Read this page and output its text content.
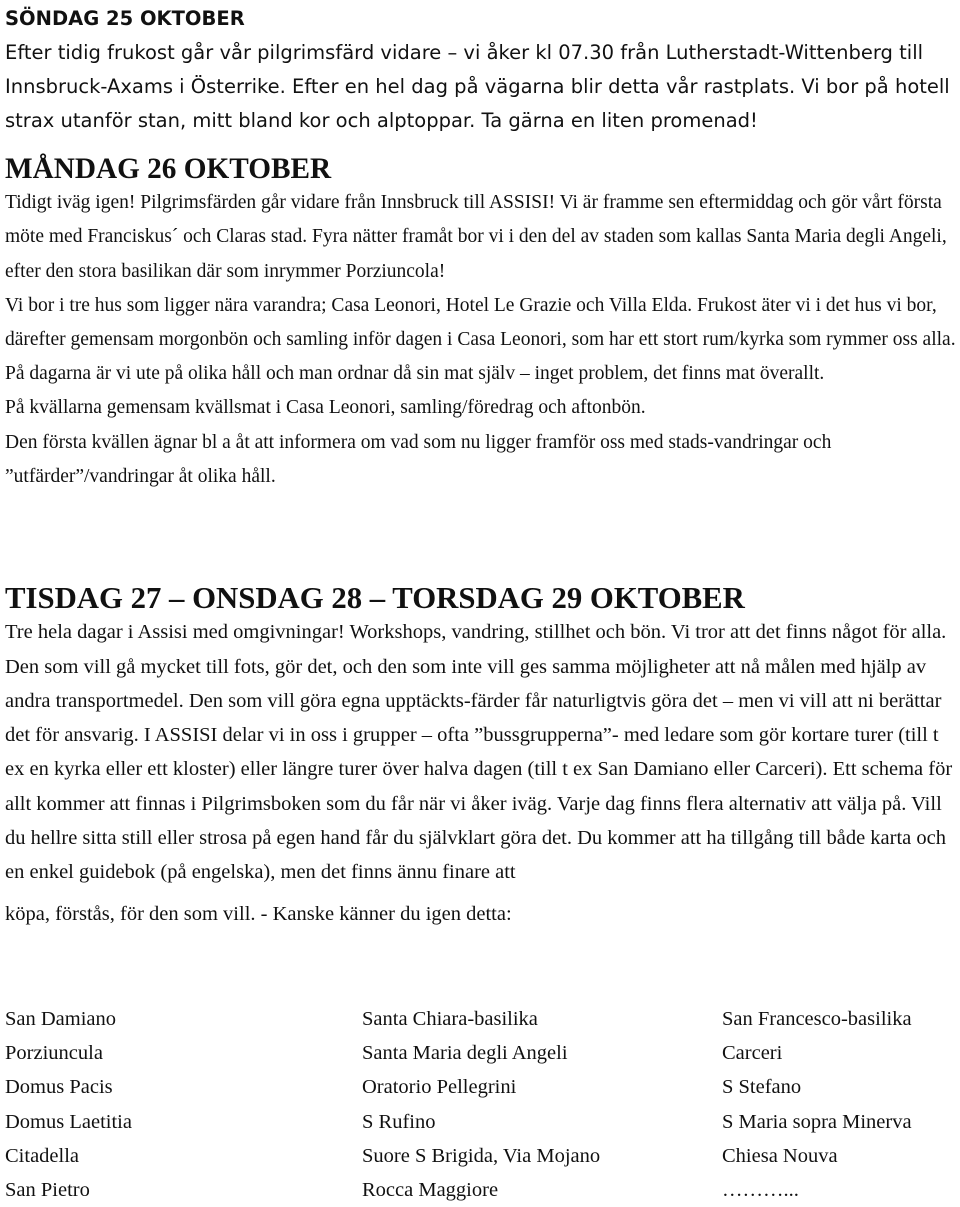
SÖNDAG 25 OKTOBER

Efter tidig frukost går vår pilgrimsfärd vidare – vi åker kl 07.30 från Lutherstadt-Wittenberg till Innsbruck-Axams i Österrike. Efter en hel dag på vägarna blir detta vår rastplats. Vi bor på hotell strax utanför stan, mitt bland kor och alptoppar. Ta gärna en liten promenad!

MÅNDAG 26 OKTOBER

Tidigt iväg igen! Pilgrimsfärden går vidare från Innsbruck till ASSISI! Vi är framme sen eftermiddag och gör vårt första möte med Franciskus´ och Claras stad. Fyra nätter framåt bor vi i den del av staden som kallas Santa Maria degli Angeli, efter den stora basilikan där som inrymmer Porziuncola!

Vi bor i tre hus som ligger nära varandra; Casa Leonori, Hotel Le Grazie och Villa Elda. Frukost äter vi i det hus vi bor, därefter gemensam morgonbön och samling inför dagen i Casa Leonori, som har ett stort rum/kyrka som rymmer oss alla. På dagarna är vi ute på olika håll och man ordnar då sin mat själv – inget problem, det finns mat överallt.

På kvällarna gemensam kvällsmat i Casa Leonori, samling/föredrag och aftonbön.

Den första kvällen ägnar bl a åt att informera om vad som nu ligger framför oss med stads-vandringar och ”utfärder”/vandringar åt olika håll.

TISDAG 27 – ONSDAG 28 – TORSDAG 29 OKTOBER

Tre hela dagar i Assisi med omgivningar! Workshops, vandring, stillhet och bön. Vi tror att det finns något för alla. Den som vill gå mycket till fots, gör det, och den som inte vill ges samma möjligheter att nå målen med hjälp av andra transportmedel. Den som vill göra egna upptäckts-färder får naturligtvis göra det – men vi vill att ni berättar det för ansvarig. I ASSISI delar vi in oss i grupper – ofta ”bussgrupperna”- med ledare som gör kortare turer (till t ex en kyrka eller ett kloster) eller längre turer över halva dagen (till t ex San Damiano eller Carceri). Ett schema för allt kommer att finnas i Pilgrimsboken som du får när vi åker iväg. Varje dag finns flera alternativ att välja på. Vill du hellre sitta still eller strosa på egen hand får du självklart göra det. Du kommer att ha tillgång till både karta och en enkel guidebok (på engelska), men det finns ännu finare att

köpa, förstås, för den som vill. - Kanske känner du igen detta:

San Damiano
Porziuncula
Domus Pacis
Domus Laetitia
Citadella
San Pietro
Santa Chiara-basilika
Santa Maria degli Angeli
Oratorio Pellegrini
S Rufino
Suore S Brigida, Via Mojano
Rocca Maggiore
San Francesco-basilika
Carceri
S Stefano
S Maria sopra Minerva
Chiesa Nouva
………...
